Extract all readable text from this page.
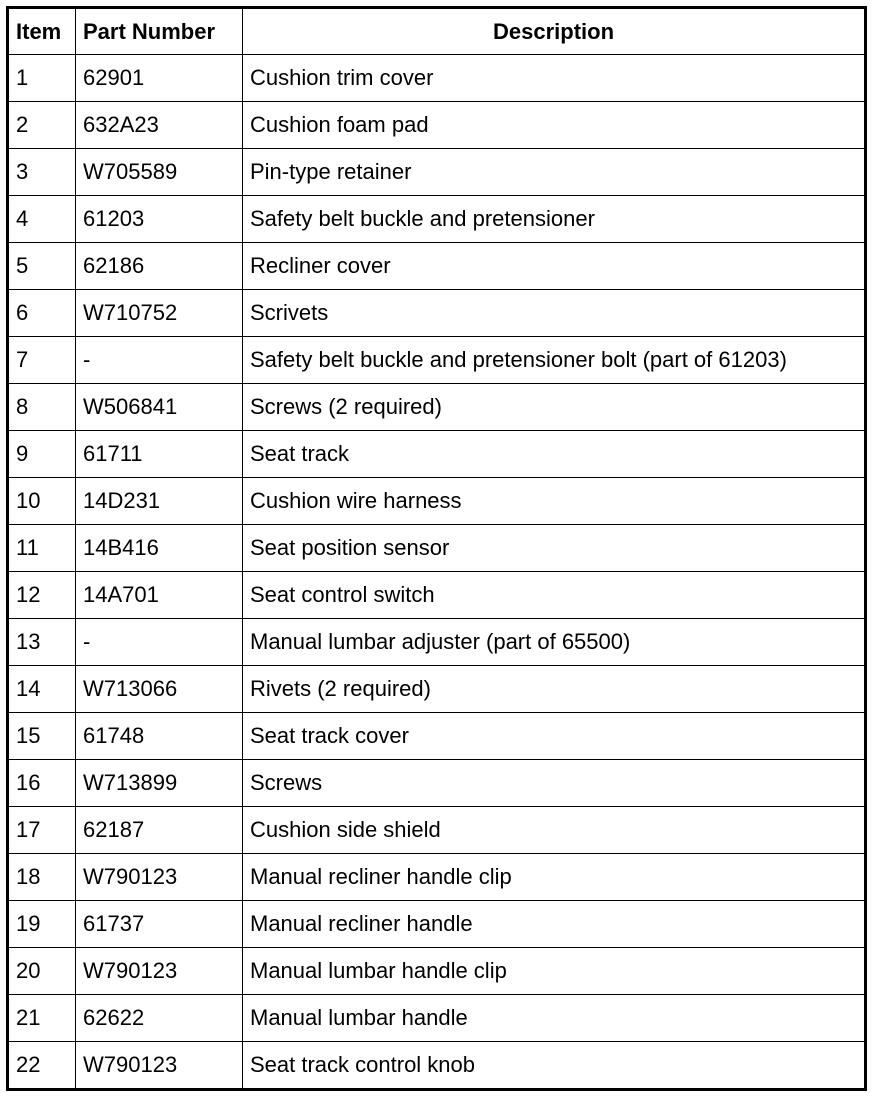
Item	Part Number	Description
1	62901	Cushion trim cover
2	632A23	Cushion foam pad
3	W705589	Pin-type retainer
4	61203	Safety belt buckle and pretensioner
5	62186	Recliner cover
6	W710752	Scrivets
7	-	Safety belt buckle and pretensioner bolt (part of 61203)
8	W506841	Screws (2 required)
9	61711	Seat track
10	14D231	Cushion wire harness
11	14B416	Seat position sensor
12	14A701	Seat control switch
13	-	Manual lumbar adjuster (part of 65500)
14	W713066	Rivets (2 required)
15	61748	Seat track cover
16	W713899	Screws
17	62187	Cushion side shield
18	W790123	Manual recliner handle clip
19	61737	Manual recliner handle
20	W790123	Manual lumbar handle clip
21	62622	Manual lumbar handle
22	W790123	Seat track control knob
